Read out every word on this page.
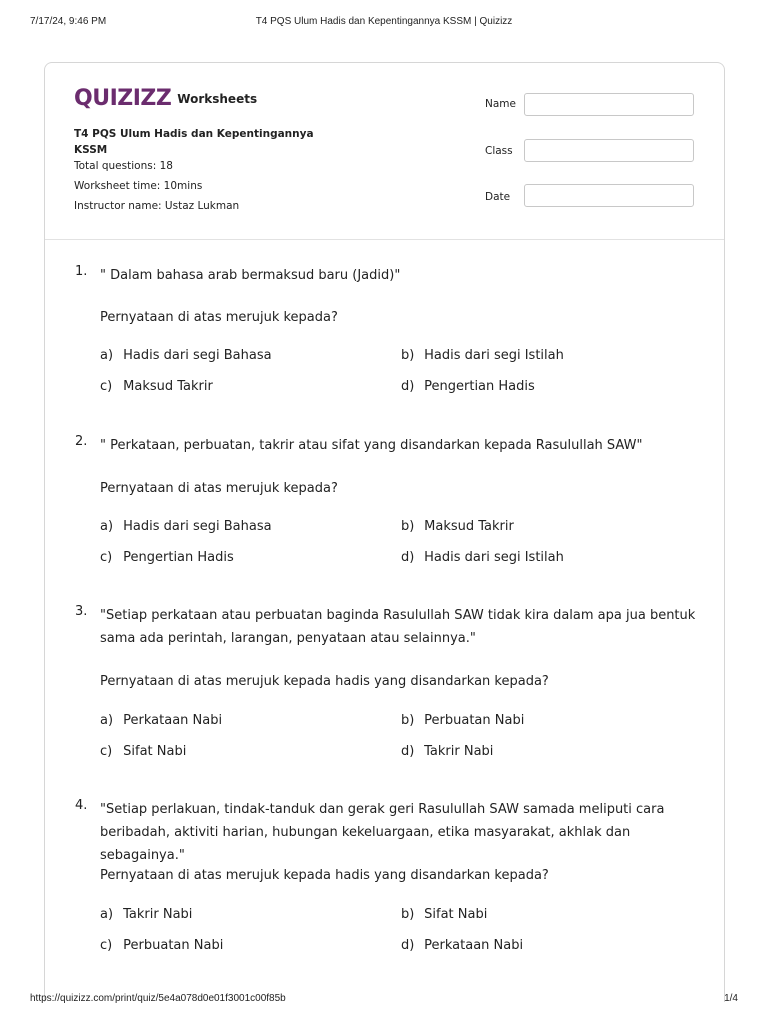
7/17/24, 9:46 PM	T4 PQS Ulum Hadis dan Kepentingannya KSSM | Quizizz
QUIZIZZ Worksheets
T4 PQS Ulum Hadis dan Kepentingannya KSSM
Total questions: 18
Worksheet time: 10mins
Instructor name: Ustaz Lukman
Name
Class
Date
1. " Dalam bahasa arab bermaksud baru (Jadid)"
Pernyataan di atas merujuk kepada?
a) Hadis dari segi Bahasa	b) Hadis dari segi Istilah
c) Maksud Takrir	d) Pengertian Hadis
2. " Perkataan, perbuatan, takrir atau sifat yang disandarkan kepada Rasulullah SAW"
Pernyataan di atas merujuk kepada?
a) Hadis dari segi Bahasa	b) Maksud Takrir
c) Pengertian Hadis	d) Hadis dari segi Istilah
3. "Setiap perkataan atau perbuatan baginda Rasulullah SAW tidak kira dalam apa jua bentuk sama ada perintah, larangan, penyataan atau selainnya."
Pernyataan di atas merujuk kepada hadis yang disandarkan kepada?
a) Perkataan Nabi	b) Perbuatan Nabi
c) Sifat Nabi	d) Takrir Nabi
4. "Setiap perlakuan, tindak-tanduk dan gerak geri Rasulullah SAW samada meliputi cara beribadah, aktiviti harian, hubungan kekeluargaan, etika masyarakat, akhlak dan sebagainya."
Pernyataan di atas merujuk kepada hadis yang disandarkan kepada?
a) Takrir Nabi	b) Sifat Nabi
c) Perbuatan Nabi	d) Perkataan Nabi
https://quizizz.com/print/quiz/5e4a078d0e01f3001c00f85b	1/4
